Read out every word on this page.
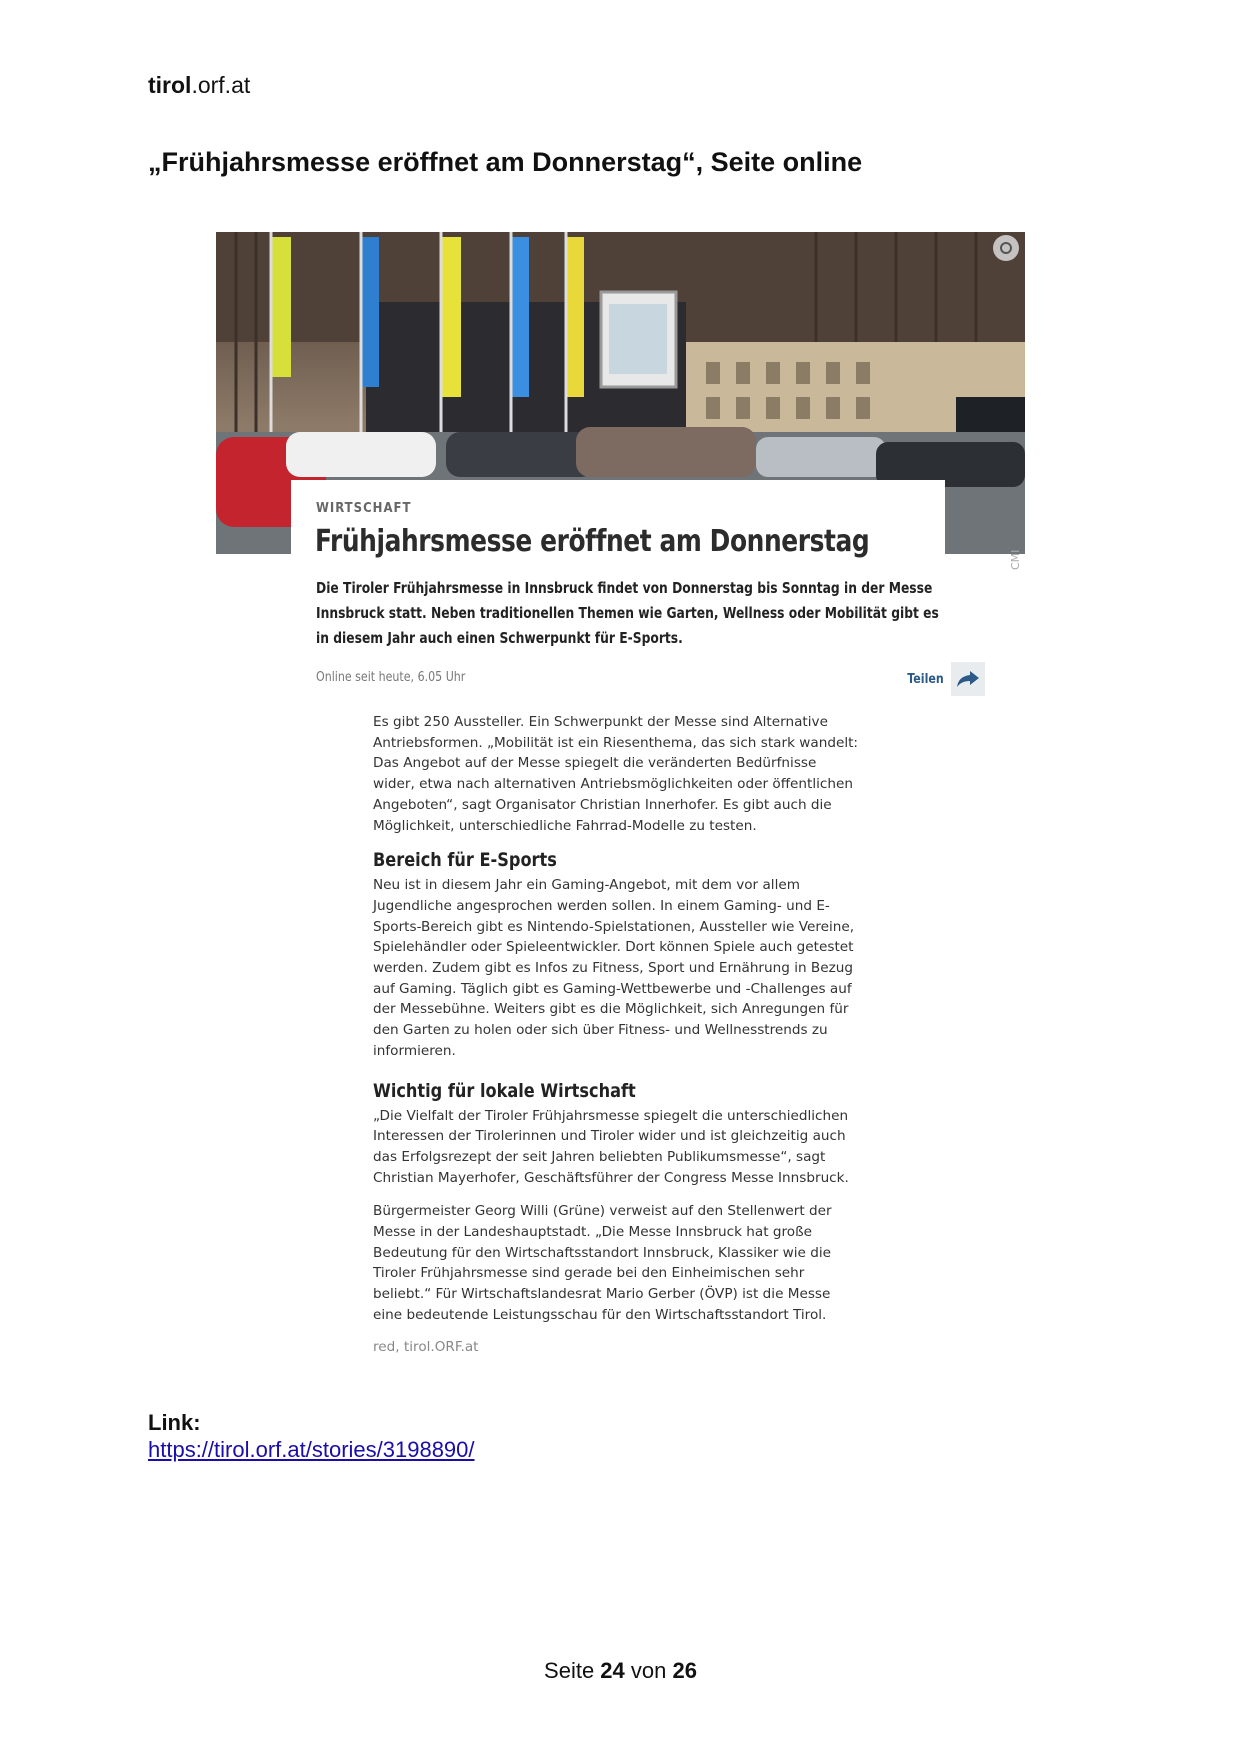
tirol.orf.at
„Frühjahrsmesse eröffnet am Donnerstag“, Seite online
CMI
WIRTSCHAFT
Frühjahrsmesse eröffnet am Donnerstag
Die Tiroler Frühjahrsmesse in Innsbruck findet von Donnerstag bis Sonntag in der Messe
Innsbruck statt. Neben traditionellen Themen wie Garten, Wellness oder Mobilität gibt es
in diesem Jahr auch einen Schwerpunkt für E-Sports.
Online seit heute, 6.05 Uhr	Teilen
Es gibt 250 Aussteller. Ein Schwerpunkt der Messe sind Alternative
Antriebsformen. „Mobilität ist ein Riesenthema, das sich stark wandelt:
Das Angebot auf der Messe spiegelt die veränderten Bedürfnisse
wider, etwa nach alternativen Antriebsmöglichkeiten oder öffentlichen
Angeboten“, sagt Organisator Christian Innerhofer. Es gibt auch die
Möglichkeit, unterschiedliche Fahrrad-Modelle zu testen.
Bereich für E-Sports
Neu ist in diesem Jahr ein Gaming-Angebot, mit dem vor allem
Jugendliche angesprochen werden sollen. In einem Gaming- und E-
Sports-Bereich gibt es Nintendo-Spielstationen, Aussteller wie Vereine,
Spielehändler oder Spieleentwickler. Dort können Spiele auch getestet
werden. Zudem gibt es Infos zu Fitness, Sport und Ernährung in Bezug
auf Gaming. Täglich gibt es Gaming-Wettbewerbe und -Challenges auf
der Messebühne. Weiters gibt es die Möglichkeit, sich Anregungen für
den Garten zu holen oder sich über Fitness- und Wellnesstrends zu
informieren.
Wichtig für lokale Wirtschaft
„Die Vielfalt der Tiroler Frühjahrsmesse spiegelt die unterschiedlichen
Interessen der Tirolerinnen und Tiroler wider und ist gleichzeitig auch
das Erfolgsrezept der seit Jahren beliebten Publikumsmesse“, sagt
Christian Mayerhofer, Geschäftsführer der Congress Messe Innsbruck.
Bürgermeister Georg Willi (Grüne) verweist auf den Stellenwert der
Messe in der Landeshauptstadt. „Die Messe Innsbruck hat große
Bedeutung für den Wirtschaftsstandort Innsbruck, Klassiker wie die
Tiroler Frühjahrsmesse sind gerade bei den Einheimischen sehr
beliebt.“ Für Wirtschaftslandesrat Mario Gerber (ÖVP) ist die Messe
eine bedeutende Leistungsschau für den Wirtschaftsstandort Tirol.
red, tirol.ORF.at
Link:
https://tirol.orf.at/stories/3198890/
Seite 24 von 26
